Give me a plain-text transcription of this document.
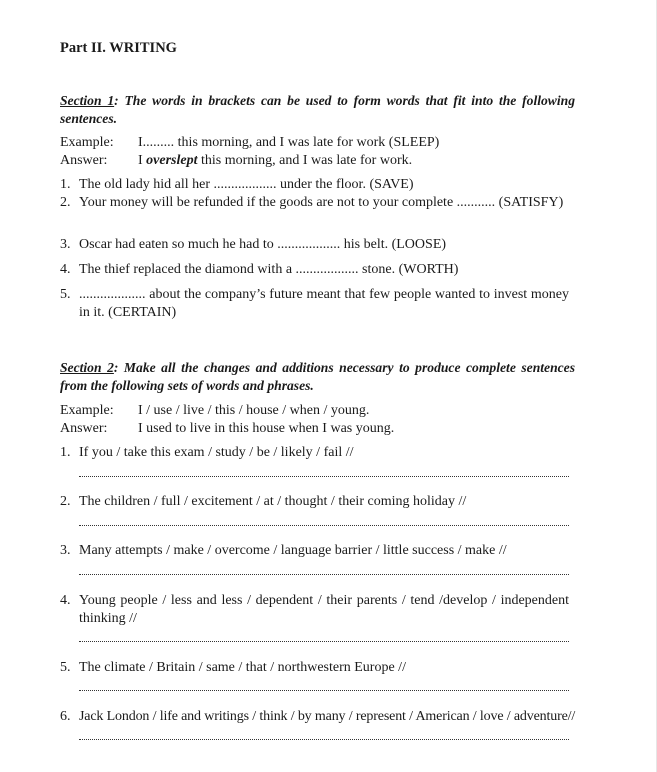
Part II. WRITING
Section 1: The words in brackets can be used to form words that fit into the following sentences.
Example: I......... this morning, and I was late for work (SLEEP)
Answer: I overslept this morning, and I was late for work.
1. The old lady hid all her .................. under the floor. (SAVE)
2. Your money will be refunded if the goods are not to your complete ........... (SATISFY)
3. Oscar had eaten so much he had to .................. his belt. (LOOSE)
4. The thief replaced the diamond with a .................. stone. (WORTH)
5. ................... about the company’s future meant that few people wanted to invest money in it. (CERTAIN)
Section 2: Make all the changes and additions necessary to produce complete sentences from the following sets of words and phrases.
Example: I / use / live / this / house / when / young.
Answer: I used to live in this house when I was young.
1. If you / take this exam / study / be / likely / fail //
2. The children / full / excitement / at / thought / their coming holiday //
3. Many attempts / make / overcome / language barrier / little success / make //
4. Young people / less and less / dependent / their parents / tend /develop / independent thinking //
5. The climate / Britain / same / that / northwestern Europe //
6. Jack London / life and writings / think / by many / represent / American / love / adventure//
